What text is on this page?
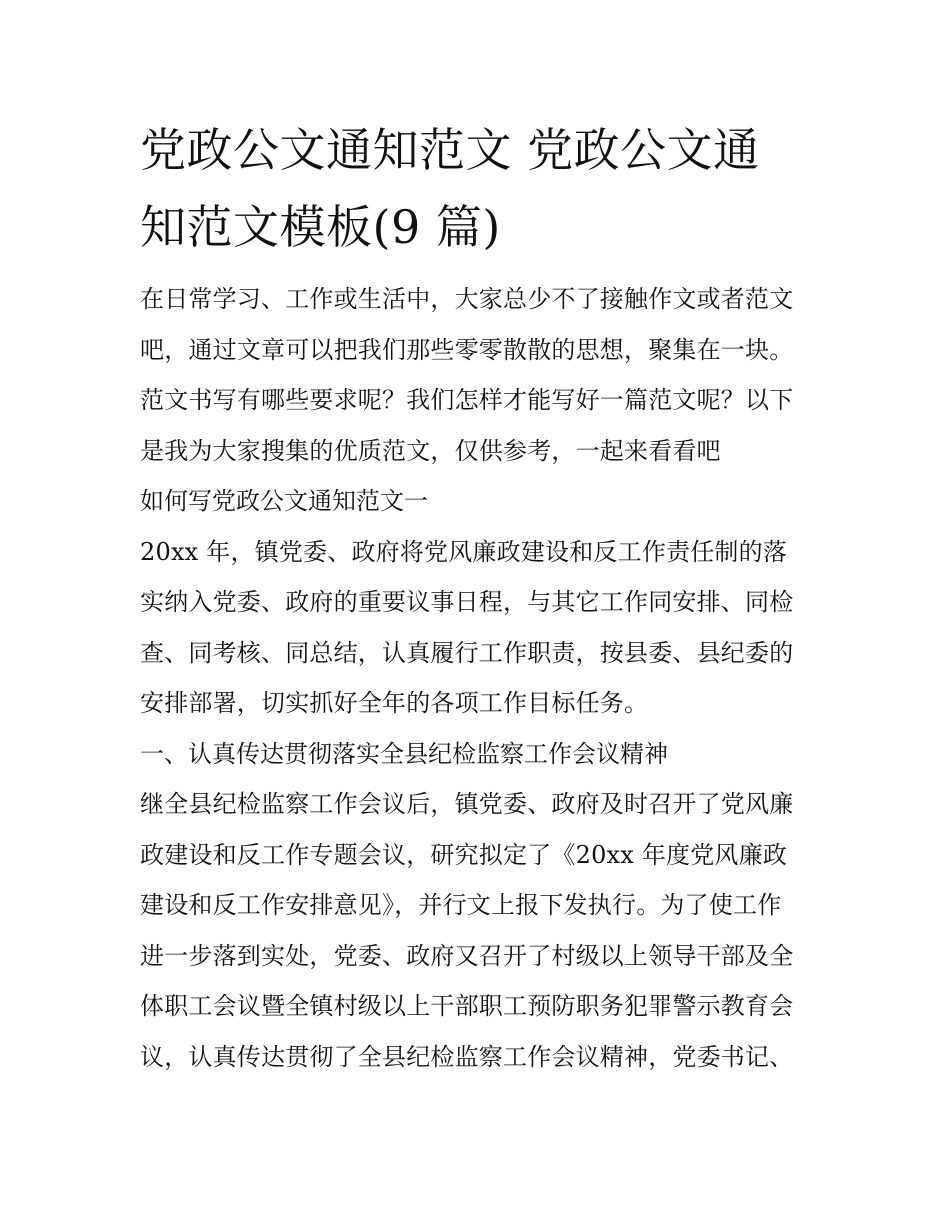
党政公文通知范文 党政公文通
知范文模板(9 篇)

在日常学习、工作或生活中，大家总少不了接触作文或者范文
吧，通过文章可以把我们那些零零散散的思想，聚集在一块。
范文书写有哪些要求呢？我们怎样才能写好一篇范文呢？以下
是我为大家搜集的优质范文，仅供参考，一起来看看吧

如何写党政公文通知范文一

20xx 年，镇党委、政府将党风廉政建设和反工作责任制的落
实纳入党委、政府的重要议事日程，与其它工作同安排、同检
查、同考核、同总结，认真履行工作职责，按县委、县纪委的
安排部署，切实抓好全年的各项工作目标任务。

一、认真传达贯彻落实全县纪检监察工作会议精神

继全县纪检监察工作会议后，镇党委、政府及时召开了党风廉
政建设和反工作专题会议，研究拟定了《20xx 年度党风廉政
建设和反工作安排意见》，并行文上报下发执行。为了使工作
进一步落到实处，党委、政府又召开了村级以上领导干部及全
体职工会议暨全镇村级以上干部职工预防职务犯罪警示教育会
议，认真传达贯彻了全县纪检监察工作会议精神，党委书记、
